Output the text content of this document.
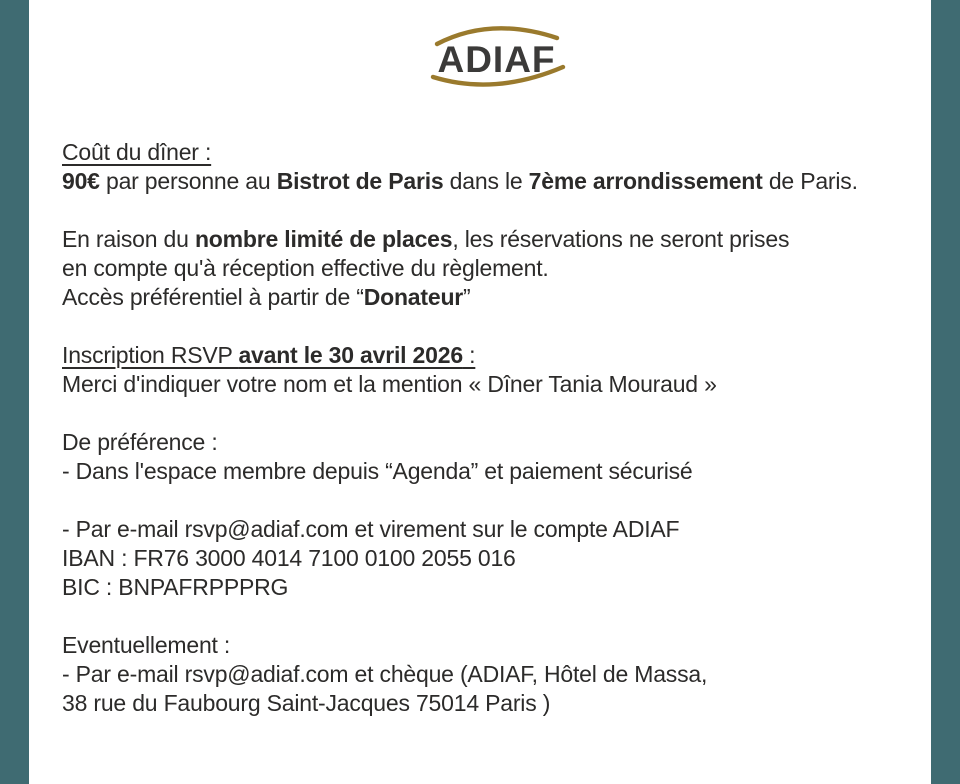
ADIAF

Coût du dîner :

90€ par personne au Bistrot de Paris dans le 7ème arrondissement de Paris.

En raison du nombre limité de places, les réservations ne seront prises

en compte qu'à réception effective du règlement.

Accès préférentiel à partir de “Donateur”

Inscription RSVP avant le 30 avril 2026 :

Merci d'indiquer votre nom et la mention « Dîner Tania Mouraud »

De préférence :

- Dans l'espace membre depuis “Agenda” et paiement sécurisé

- Par e-mail rsvp@adiaf.com et virement sur le compte ADIAF

IBAN : FR76 3000 4014 7100 0100 2055 016

BIC : BNPAFRPPPRG

Eventuellement :

- Par e-mail rsvp@adiaf.com et chèque (ADIAF, Hôtel de Massa,

38 rue du Faubourg Saint-Jacques 75014 Paris )
